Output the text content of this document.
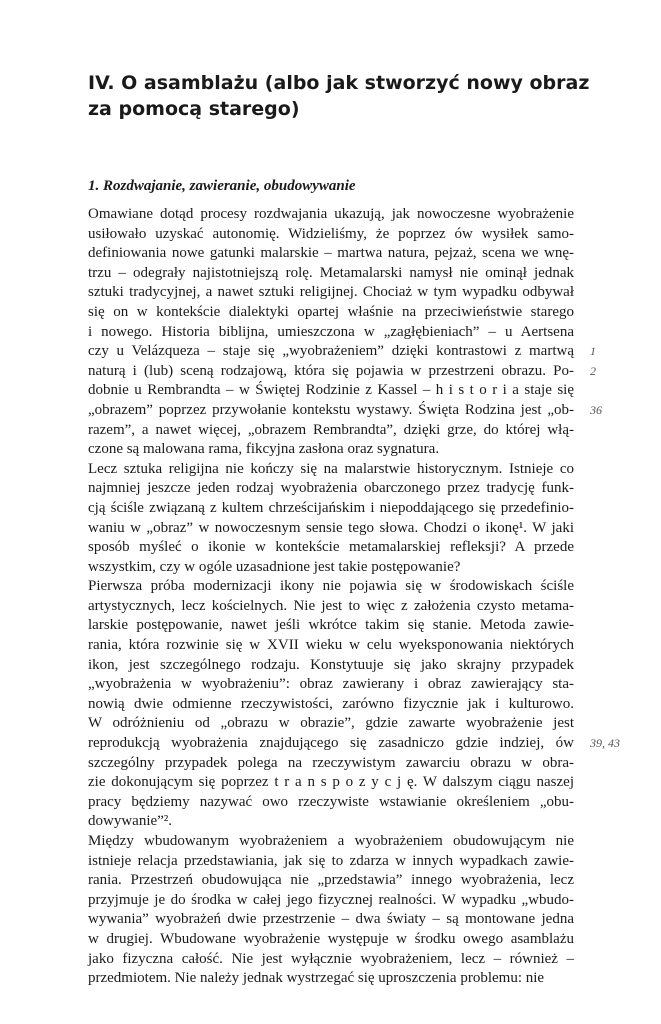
IV. O asamblażu (albo jak stworzyć nowy obraz
za pomocą starego)
1. Rozdwajanie, zawieranie, obudowywanie
Omawiane dotąd procesy rozdwajania ukazują, jak nowoczesne wyobrażenie
usiłowało uzyskać autonomię. Widzieliśmy, że poprzez ów wysiłek samo-
definiowania nowe gatunki malarskie – martwa natura, pejzaż, scena we wnę-
trzu – odegrały najistotniejszą rolę. Metamalarski namysł nie ominął jednak
sztuki tradycyjnej, a nawet sztuki religijnej. Chociaż w tym wypadku odbywał
się on w kontekście dialektyki opartej właśnie na przeciwieństwie starego
i nowego. Historia biblijna, umieszczona w „zagłębieniach” – u Aertsena
czy u Velázqueza – staje się „wyobrażeniem” dzięki kontrastowi z martwą
naturą i (lub) sceną rodzajową, która się pojawia w przestrzeni obrazu. Po-
dobnie u Rembrandta – w Świętej Rodzinie z Kassel – h i s t o r i a staje się
„obrazem” poprzez przywołanie kontekstu wystawy. Święta Rodzina jest „ob-
razem”, a nawet więcej, „obrazem Rembrandta”, dzięki grze, do której włą-
czone są malowana rama, fikcyjna zasłona oraz sygnatura.
Lecz sztuka religijna nie kończy się na malarstwie historycznym. Istnieje co
najmniej jeszcze jeden rodzaj wyobrażenia obarczonego przez tradycję funk-
cją ściśle związaną z kultem chrześcijańskim i niepoddającego się przedefinio-
waniu w „obraz” w nowoczesnym sensie tego słowa. Chodzi o ikonę¹. W jaki
sposób myśleć o ikonie w kontekście metamalarskiej refleksji? A przede
wszystkim, czy w ogóle uzasadnione jest takie postępowanie?
Pierwsza próba modernizacji ikony nie pojawia się w środowiskach ściśle
artystycznych, lecz kościelnych. Nie jest to więc z założenia czysto metama-
larskie postępowanie, nawet jeśli wkrótce takim się stanie. Metoda zawie-
rania, która rozwinie się w XVII wieku w celu wyeksponowania niektórych
ikon, jest szczególnego rodzaju. Konstytuuje się jako skrajny przypadek
„wyobrażenia w wyobrażeniu”: obraz zawierany i obraz zawierający sta-
nowią dwie odmienne rzeczywistości, zarówno fizycznie jak i kulturowo.
W odróżnieniu od „obrazu w obrazie”, gdzie zawarte wyobrażenie jest
reprodukcją wyobrażenia znajdującego się zasadniczo gdzie indziej, ów
szczególny przypadek polega na rzeczywistym zawarciu obrazu w obra-
zie dokonującym się poprzez t r a n s p o z y c j ę. W dalszym ciągu naszej
pracy będziemy nazywać owo rzeczywiste wstawianie określeniem „obu-
dowywanie”².
Między wbudowanym wyobrażeniem a wyobrażeniem obudowującym nie
istnieje relacja przedstawiania, jak się to zdarza w innych wypadkach zawie-
rania. Przestrzeń obudowująca nie „przedstawia” innego wyobrażenia, lecz
przyjmuje je do środka w całej jego fizycznej realności. W wypadku „wbudo-
wywania” wyobrażeń dwie przestrzenie – dwa światy – są montowane jedna
w drugiej. Wbudowane wyobrażenie występuje w środku owego asamblażu
jako fizyczna całość. Nie jest wyłącznie wyobrażeniem, lecz – również –
przedmiotem. Nie należy jednak wystrzegać się uproszczenia problemu: nie
1
2
36
39, 43
